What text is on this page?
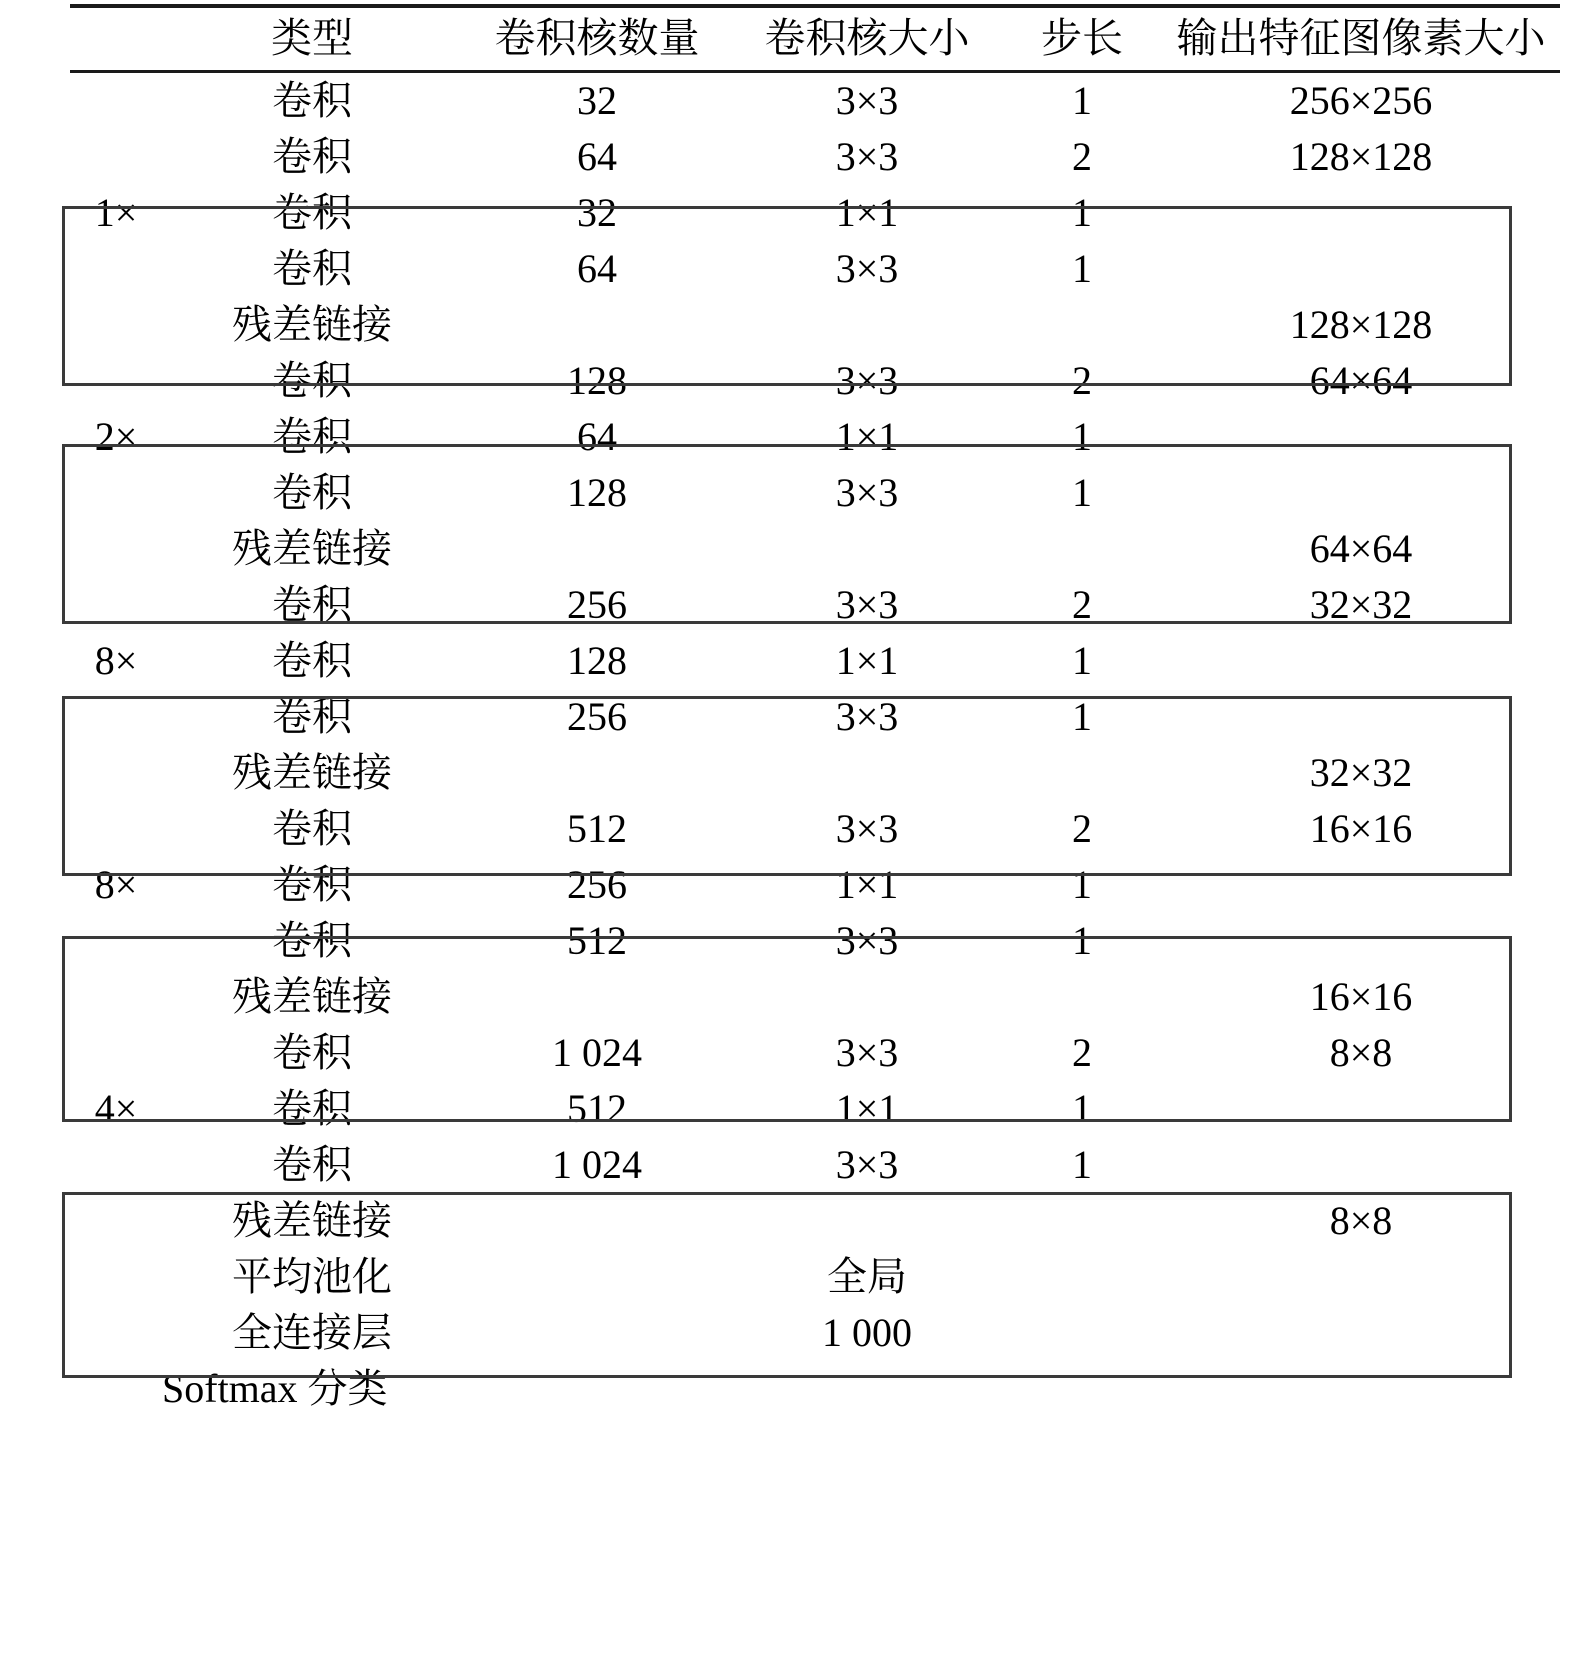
	类型	卷积核数量	卷积核大小	步长	输出特征图像素大小
	卷积	32	3×3	1	256×256
	卷积	64	3×3	2	128×128
1×	卷积	32	1×1	1	
	卷积	64	3×3	1	
	残差链接				128×128
	卷积	128	3×3	2	64×64
2×	卷积	64	1×1	1	
	卷积	128	3×3	1	
	残差链接				64×64
	卷积	256	3×3	2	32×32
8×	卷积	128	1×1	1	
	卷积	256	3×3	1	
	残差链接				32×32
	卷积	512	3×3	2	16×16
8×	卷积	256	1×1	1	
	卷积	512	3×3	1	
	残差链接				16×16
	卷积	1 024	3×3	2	8×8
4×	卷积	512	1×1	1	
	卷积	1 024	3×3	1	
	残差链接				8×8
	平均池化		全局		
	全连接层		1 000		
	Softmax 分类				
